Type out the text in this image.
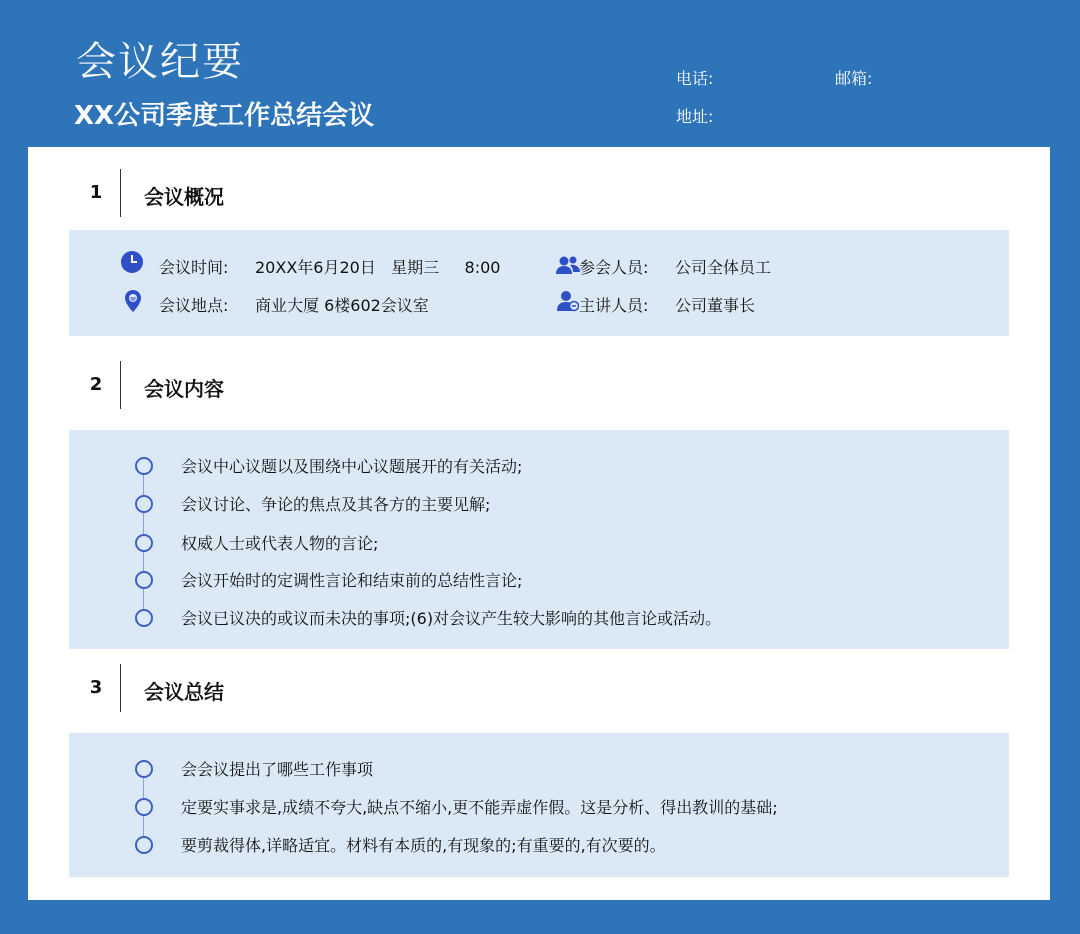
会议纪要
XX公司季度工作总结会议
电话:	邮箱:
地址:
1 会议概况
会议时间: 20XX年6月20日   星期三     8:00
会议地点: 商业大厦 6楼602会议室
参会人员: 公司全体员工
主讲人员: 公司董事长
2 会议内容
会议中心议题以及围绕中心议题展开的有关活动;
会议讨论、争论的焦点及其各方的主要见解;
权威人士或代表人物的言论;
会议开始时的定调性言论和结束前的总结性言论;
会议已议决的或议而未决的事项;(6)对会议产生较大影响的其他言论或活动。
3 会议总结
会会议提出了哪些工作事项
定要实事求是,成绩不夸大,缺点不缩小,更不能弄虚作假。这是分析、得出教训的基础;
要剪裁得体,详略适宜。材料有本质的,有现象的;有重要的,有次要的。
